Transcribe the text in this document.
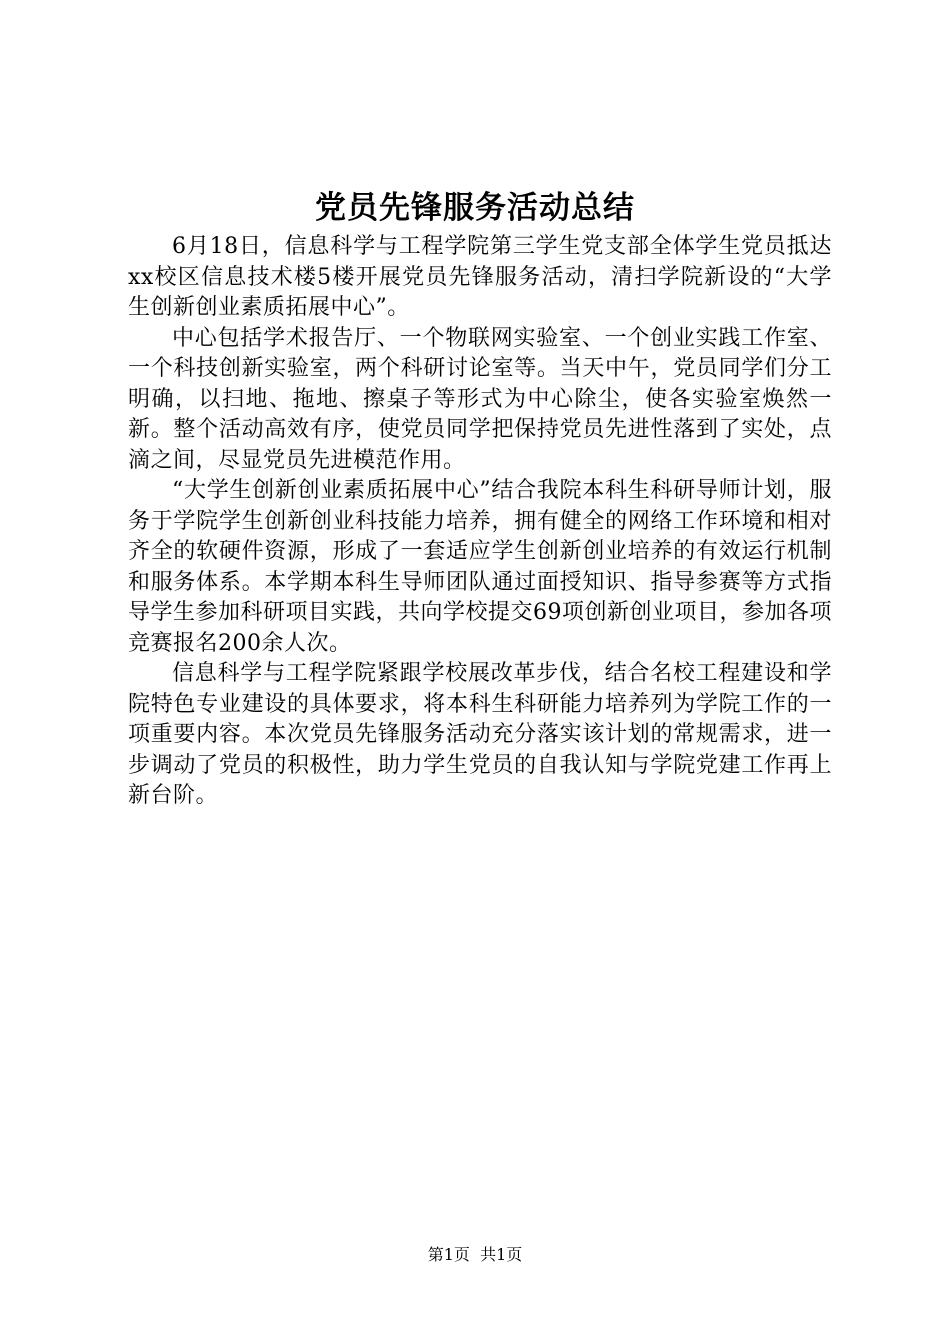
党员先锋服务活动总结

6月18日，信息科学与工程学院第三学生党支部全体学生党员抵达xx校区信息技术楼5楼开展党员先锋服务活动，清扫学院新设的“大学生创新创业素质拓展中心”。

中心包括学术报告厅、一个物联网实验室、一个创业实践工作室、一个科技创新实验室，两个科研讨论室等。当天中午，党员同学们分工明确，以扫地、拖地、擦桌子等形式为中心除尘，使各实验室焕然一新。整个活动高效有序，使党员同学把保持党员先进性落到了实处，点滴之间，尽显党员先进模范作用。

“大学生创新创业素质拓展中心”结合我院本科生科研导师计划，服务于学院学生创新创业科技能力培养，拥有健全的网络工作环境和相对齐全的软硬件资源，形成了一套适应学生创新创业培养的有效运行机制和服务体系。本学期本科生导师团队通过面授知识、指导参赛等方式指导学生参加科研项目实践，共向学校提交69项创新创业项目，参加各项竞赛报名200余人次。

信息科学与工程学院紧跟学校展改革步伐，结合名校工程建设和学院特色专业建设的具体要求，将本科生科研能力培养列为学院工作的一项重要内容。本次党员先锋服务活动充分落实该计划的常规需求，进一步调动了党员的积极性，助力学生党员的自我认知与学院党建工作再上新台阶。

第1页 共1页
